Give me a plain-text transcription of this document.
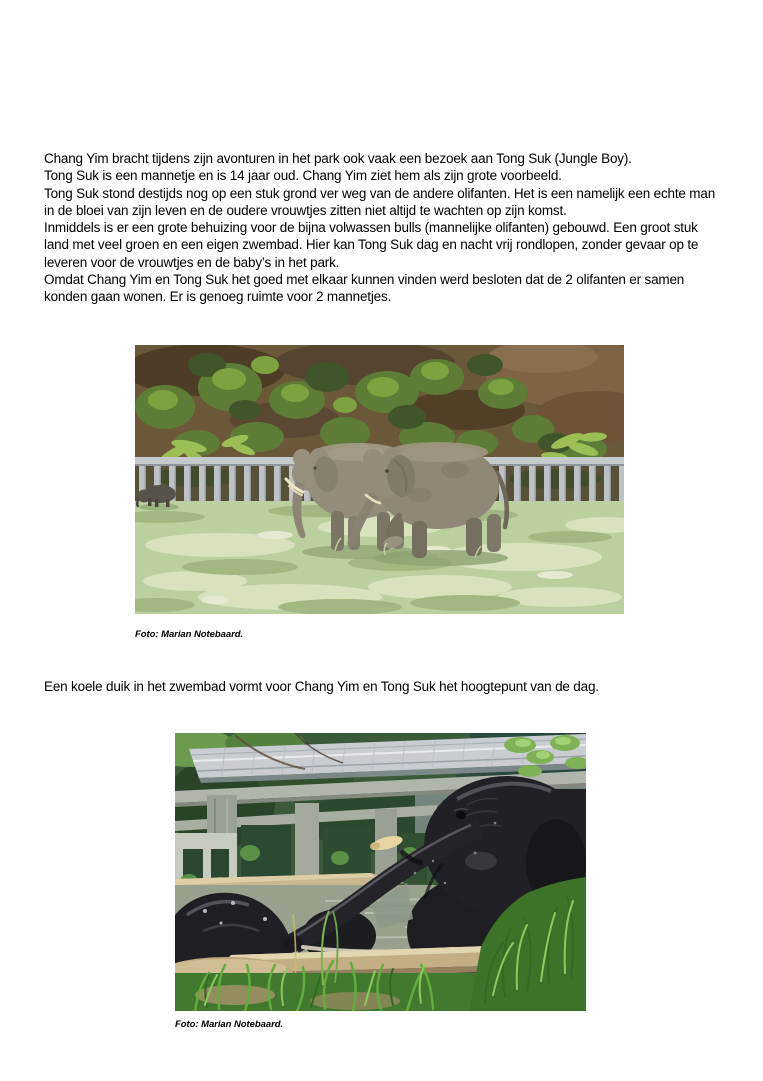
Chang Yim bracht tijdens zijn avonturen in het park ook vaak een bezoek aan Tong Suk (Jungle Boy).
Tong Suk is een mannetje en is 14 jaar oud. Chang Yim ziet hem als zijn grote voorbeeld.
Tong Suk stond destijds nog op een stuk grond ver weg van de andere olifanten. Het is een namelijk een echte man
in de bloei van zijn leven en de oudere vrouwtjes zitten niet altijd te wachten op zijn komst.
Inmiddels is er een grote behuizing voor de bijna volwassen bulls (mannelijke olifanten) gebouwd. Een groot stuk
land met veel groen en een eigen zwembad. Hier kan Tong Suk dag en nacht vrij rondlopen, zonder gevaar op te
leveren voor de vrouwtjes en de baby’s in het park.
Omdat Chang Yim en Tong Suk het goed met elkaar kunnen vinden werd besloten dat de 2 olifanten er samen
konden gaan wonen. Er is genoeg ruimte voor 2 mannetjes.
Foto: Marian Notebaard.
Een koele duik in het zwembad vormt voor Chang Yim en Tong Suk het hoogtepunt van de dag.
Foto: Marian Notebaard.
